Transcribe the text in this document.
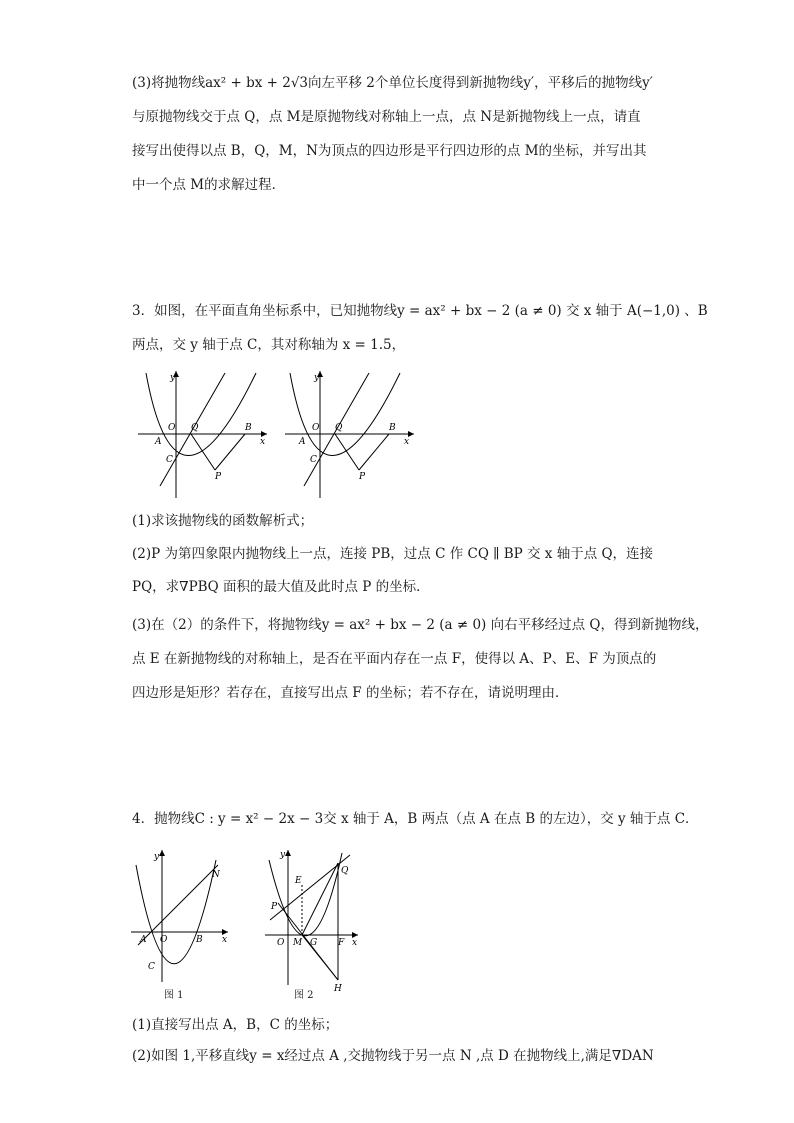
(3)将抛物线ax² + bx + 2√3向左平移 2个单位长度得到新抛物线y′，平移后的抛物线y′
与原抛物线交于点 Q，点 M是原抛物线对称轴上一点，点 N是新抛物线上一点，请直
接写出使得以点 B，Q，M，N为顶点的四边形是平行四边形的点 M的坐标，并写出其
中一个点 M的求解过程．
3．如图，在平面直角坐标系中，已知抛物线y = ax² + bx − 2 (a ≠ 0) 交 x 轴于 A(−1,0) 、B
两点，交 y 轴于点 C，其对称轴为 x = 1.5，
y
x
O Q
A
B
C
P
y
x
O Q
A
B
C
P
(1)求该抛物线的函数解析式；
(2)P 为第四象限内抛物线上一点，连接 PB，过点 C 作 CQ ∥ BP 交 x 轴于点 Q，连接
PQ，求∇PBQ 面积的最大值及此时点 P 的坐标．
(3)在（2）的条件下，将抛物线y = ax² + bx − 2 (a ≠ 0) 向右平移经过点 Q，得到新抛物线，
点 E 在新抛物线的对称轴上，是否在平面内存在一点 F，使得以 A、P、E、F 为顶点的
四边形是矩形？若存在，直接写出点 F 的坐标；若不存在，请说明理由．
4．抛物线C : y = x² − 2x − 3交 x 轴于 A，B 两点（点 A 在点 B 的左边），交 y 轴于点 C．
y
x
A O	B
C
N
图 1
y
x
E
Q
P
O M G F
H
图 2
(1)直接写出点 A，B，C 的坐标；
(2)如图 1,平移直线y = x经过点 A ,交抛物线于另一点 N ,点 D 在抛物线上,满足∇DAN
